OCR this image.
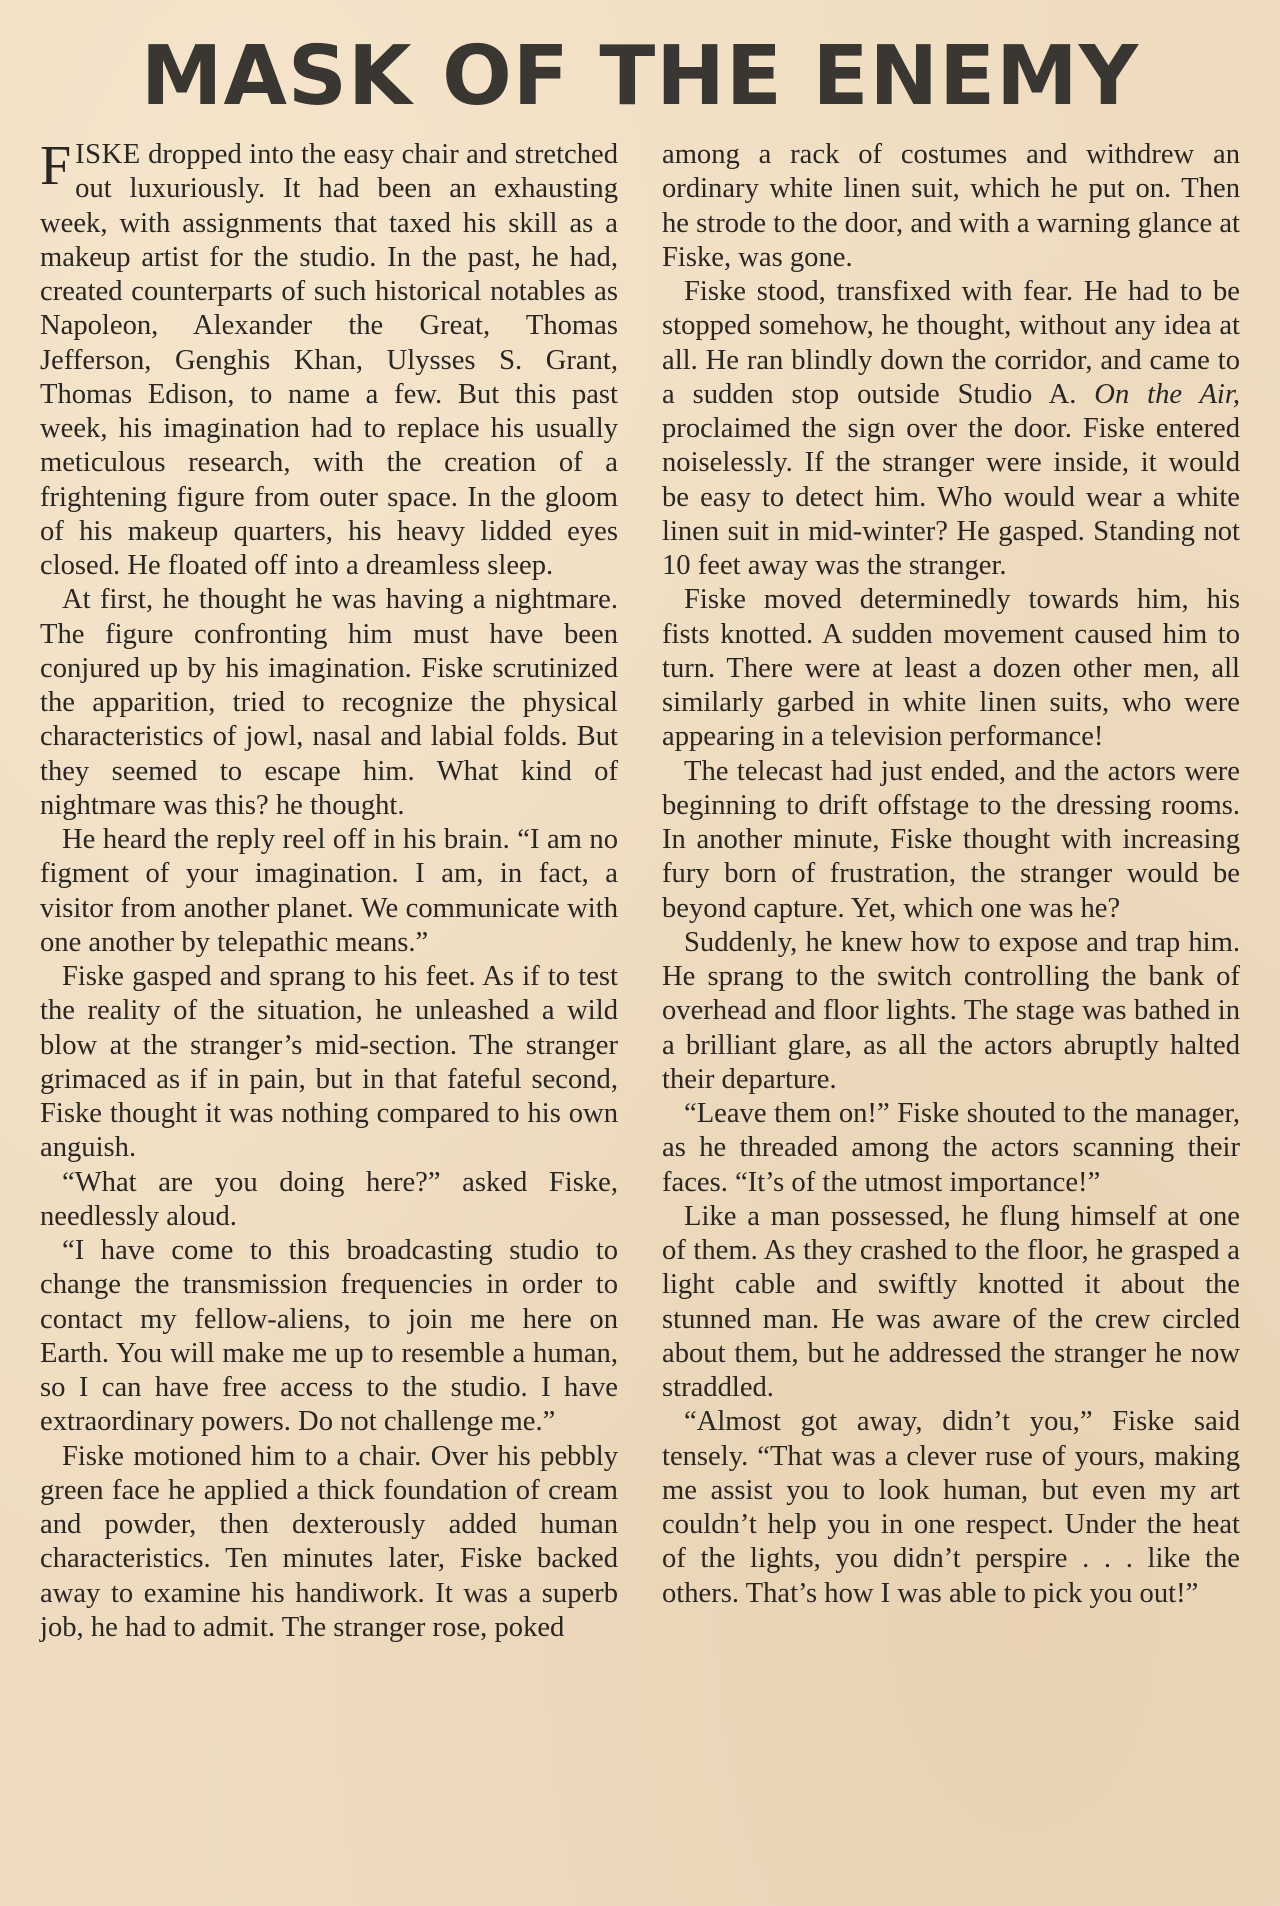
MASK OF THE ENEMY

FISKE dropped into the easy chair and stretched out luxuriously. It had been an exhausting week, with assignments that taxed his skill as a makeup artist for the studio. In the past, he had, created counterparts of such historical notables as Napoleon, Alexander the Great, Thomas Jefferson, Genghis Khan, Ulysses S. Grant, Thomas Edison, to name a few. But this past week, his imagination had to replace his usually meticulous research, with the creation of a frightening figure from outer space. In the gloom of his makeup quarters, his heavy lidded eyes closed. He floated off into a dreamless sleep.

At first, he thought he was having a nightmare. The figure confronting him must have been conjured up by his imagination. Fiske scrutinized the apparition, tried to recognize the physical characteristics of jowl, nasal and labial folds. But they seemed to escape him. What kind of nightmare was this? he thought.

He heard the reply reel off in his brain. “I am no figment of your imagination. I am, in fact, a visitor from another planet. We communicate with one another by telepathic means.”

Fiske gasped and sprang to his feet. As if to test the reality of the situation, he unleashed a wild blow at the stranger’s mid-section. The stranger grimaced as if in pain, but in that fateful second, Fiske thought it was nothing compared to his own anguish.

“What are you doing here?” asked Fiske, needlessly aloud.

“I have come to this broadcasting studio to change the transmission frequencies in order to contact my fellow-aliens, to join me here on Earth. You will make me up to resemble a human, so I can have free access to the studio. I have extraordinary powers. Do not challenge me.”

Fiske motioned him to a chair. Over his pebbly green face he applied a thick foundation of cream and powder, then dexterously added human characteristics. Ten minutes later, Fiske backed away to examine his handiwork. It was a superb job, he had to admit. The stranger rose, poked

among a rack of costumes and withdrew an ordinary white linen suit, which he put on. Then he strode to the door, and with a warning glance at Fiske, was gone.

Fiske stood, transfixed with fear. He had to be stopped somehow, he thought, without any idea at all. He ran blindly down the corridor, and came to a sudden stop outside Studio A. On the Air, proclaimed the sign over the door. Fiske entered noiselessly. If the stranger were inside, it would be easy to detect him. Who would wear a white linen suit in mid-winter? He gasped. Standing not 10 feet away was the stranger.

Fiske moved determinedly towards him, his fists knotted. A sudden movement caused him to turn. There were at least a dozen other men, all similarly garbed in white linen suits, who were appearing in a television performance!

The telecast had just ended, and the actors were beginning to drift offstage to the dressing rooms. In another minute, Fiske thought with increasing fury born of frustration, the stranger would be beyond capture. Yet, which one was he?

Suddenly, he knew how to expose and trap him. He sprang to the switch controlling the bank of overhead and floor lights. The stage was bathed in a brilliant glare, as all the actors abruptly halted their departure.

“Leave them on!” Fiske shouted to the manager, as he threaded among the actors scanning their faces. “It’s of the utmost importance!”

Like a man possessed, he flung himself at one of them. As they crashed to the floor, he grasped a light cable and swiftly knotted it about the stunned man. He was aware of the crew circled about them, but he addressed the stranger he now straddled.

“Almost got away, didn’t you,” Fiske said tensely. “That was a clever ruse of yours, making me assist you to look human, but even my art couldn’t help you in one respect. Under the heat of the lights, you didn’t perspire . . . like the others. That’s how I was able to pick you out!”
